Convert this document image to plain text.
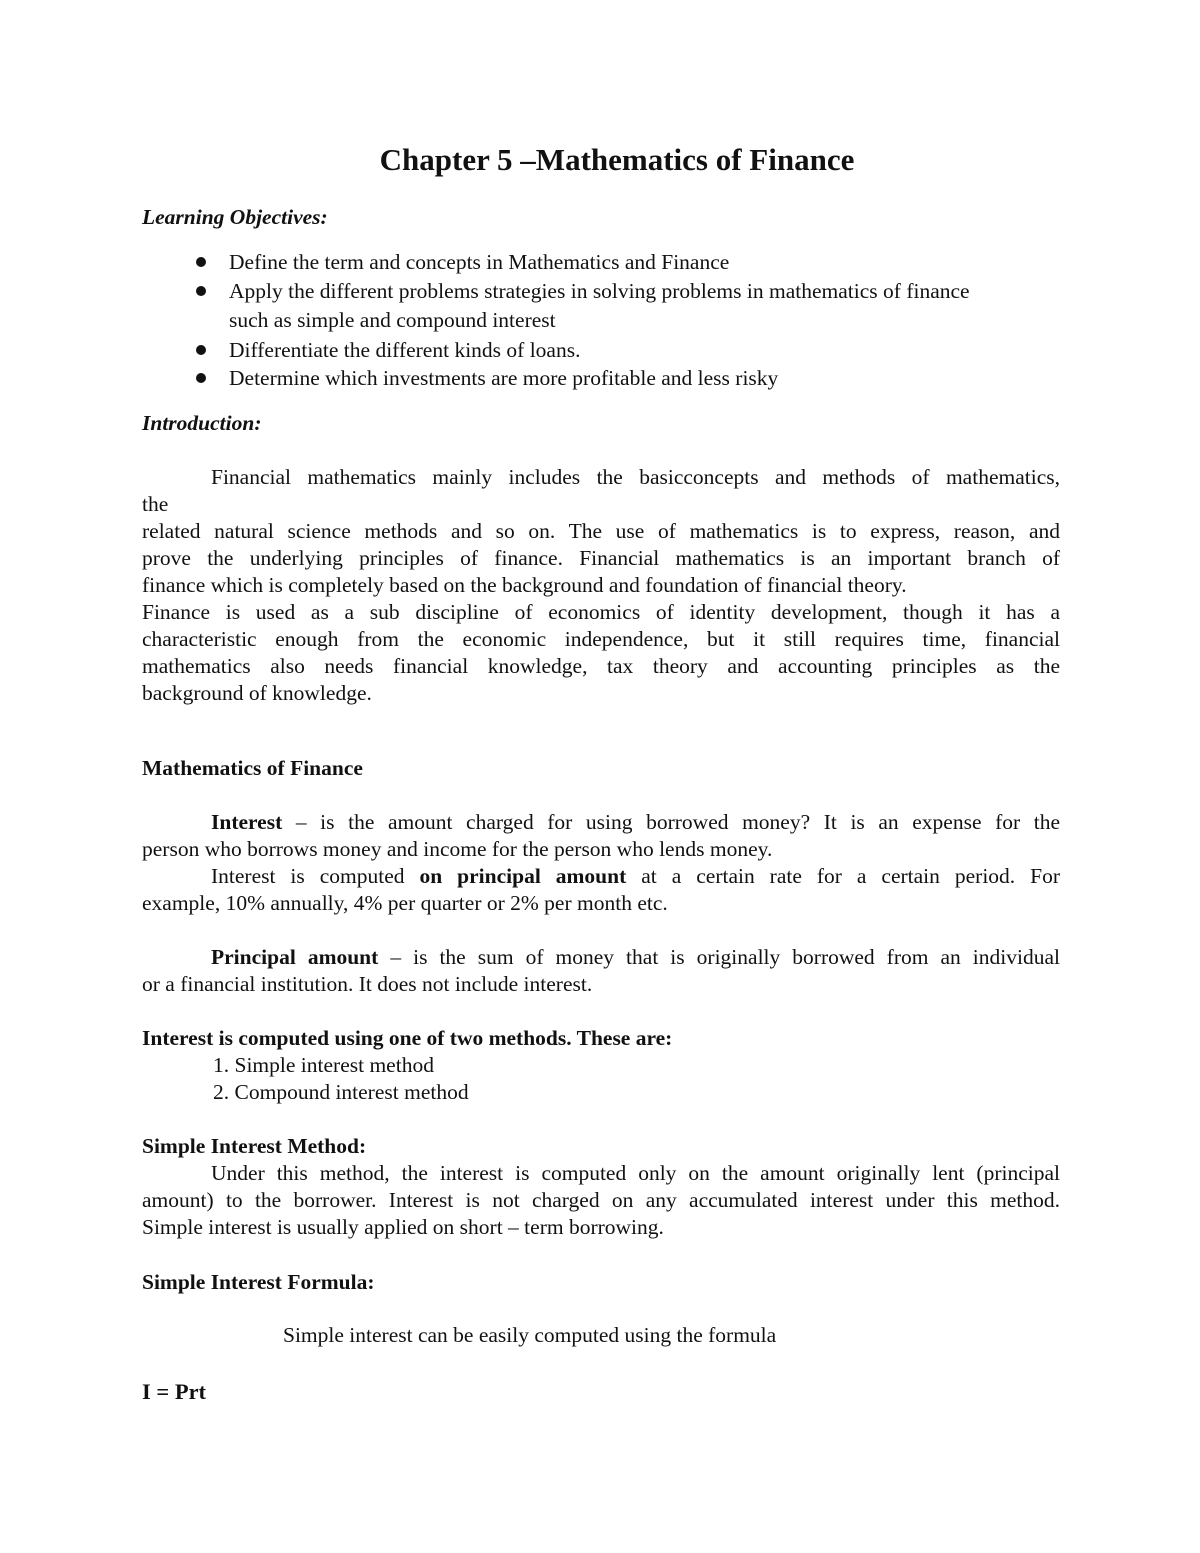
Chapter 5 –Mathematics of Finance
Learning Objectives:
Define the term and concepts in Mathematics and Finance
Apply the different problems strategies in solving problems in mathematics of finance
such as simple and compound interest
Differentiate the different kinds of loans.
Determine which investments are more profitable and less risky
Introduction:
Financial mathematics mainly includes the basicconcepts and methods of mathematics,
the
related natural science methods and so on. The use of mathematics is to express, reason, and
prove the underlying principles of finance. Financial mathematics is an important branch of
finance which is completely based on the background and foundation of financial theory.
Finance is used as a sub discipline of economics of identity development, though it has a
characteristic enough from the economic independence, but it still requires time, financial
mathematics also needs financial knowledge, tax theory and accounting principles as the
background of knowledge.
Mathematics of Finance
Interest – is the amount charged for using borrowed money? It is an expense for the
person who borrows money and income for the person who lends money.
Interest is computed on principal amount at a certain rate for a certain period. For
example, 10% annually, 4% per quarter or 2% per month etc.
Principal amount – is the sum of money that is originally borrowed from an individual
or a financial institution. It does not include interest.
Interest is computed using one of two methods. These are:
1. Simple interest method
2. Compound interest method
Simple Interest Method:
Under this method, the interest is computed only on the amount originally lent (principal
amount) to the borrower. Interest is not charged on any accumulated interest under this method.
Simple interest is usually applied on short – term borrowing.
Simple Interest Formula:
Simple interest can be easily computed using the formula
I = Prt
